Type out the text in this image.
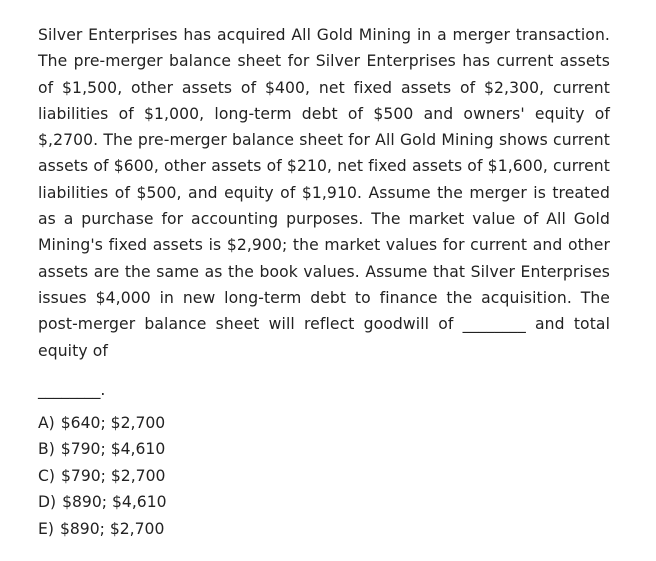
Silver Enterprises has acquired All Gold Mining in a merger transaction. The pre-merger balance sheet for Silver Enterprises has current assets of $1,500, other assets of $400, net fixed assets of $2,300, current liabilities of $1,000, long-term debt of $500 and owners' equity of $,2700. The pre-merger balance sheet for All Gold Mining shows current assets of $600, other assets of $210, net fixed assets of $1,600, current liabilities of $500, and equity of $1,910. Assume the merger is treated as a purchase for accounting purposes. The market value of All Gold Mining's fixed assets is $2,900; the market values for current and other assets are the same as the book values. Assume that Silver Enterprises issues $4,000 in new long-term debt to finance the acquisition. The post-merger balance sheet will reflect goodwill of ________ and total equity of
________.
A) $640; $2,700
B) $790; $4,610
C) $790; $2,700
D) $890; $4,610
E) $890; $2,700
